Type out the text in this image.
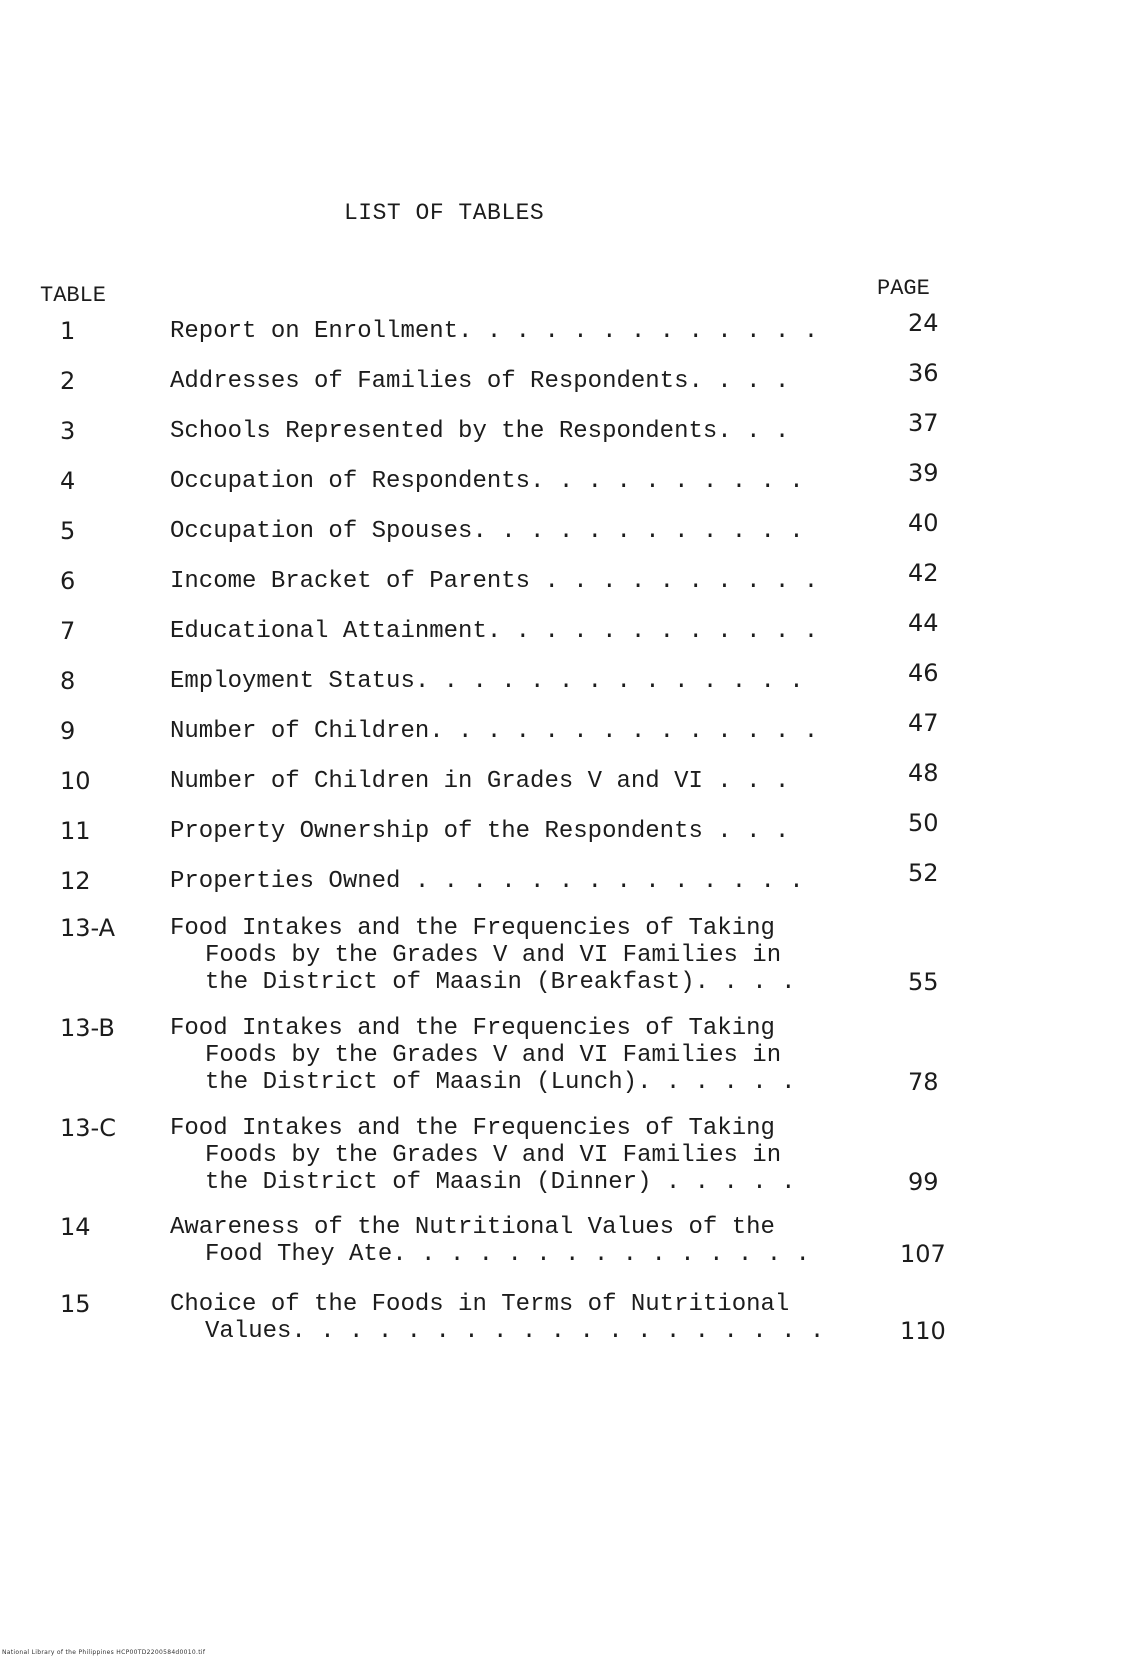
LIST OF TABLES
TABLE	PAGE
1	Report on Enrollment. . . . . . . . . . . . .	24
2	Addresses of Families of Respondents. . . .	36
3	Schools Represented by the Respondents. . .	37
4	Occupation of Respondents. . . . . . . . . .	39
5	Occupation of Spouses. . . . . . . . . . . .	40
6	Income Bracket of Parents . . . . . . . . . .	42
7	Educational Attainment. . . . . . . . . . . .	44
8	Employment Status. . . . . . . . . . . . . .	46
9	Number of Children. . . . . . . . . . . . . .	47
10	Number of Children in Grades V and VI . . .	48
11	Property Ownership of the Respondents . . .	50
12	Properties Owned . . . . . . . . . . . . . .	52
13-A	Food Intakes and the Frequencies of Taking
Foods by the Grades V and VI Families in
the District of Maasin (Breakfast). . . .	55
13-B	Food Intakes and the Frequencies of Taking
Foods by the Grades V and VI Families in
the District of Maasin (Lunch). . . . . .	78
13-C	Food Intakes and the Frequencies of Taking
Foods by the Grades V and VI Families in
the District of Maasin (Dinner) . . . . .	99
14	Awareness of the Nutritional Values of the
Food They Ate. . . . . . . . . . . . . . .	107
15	Choice of the Foods in Terms of Nutritional
Values. . . . . . . . . . . . . . . . . . .	110
National Library of the Philippines HCP00TD2200584d0010.tif
